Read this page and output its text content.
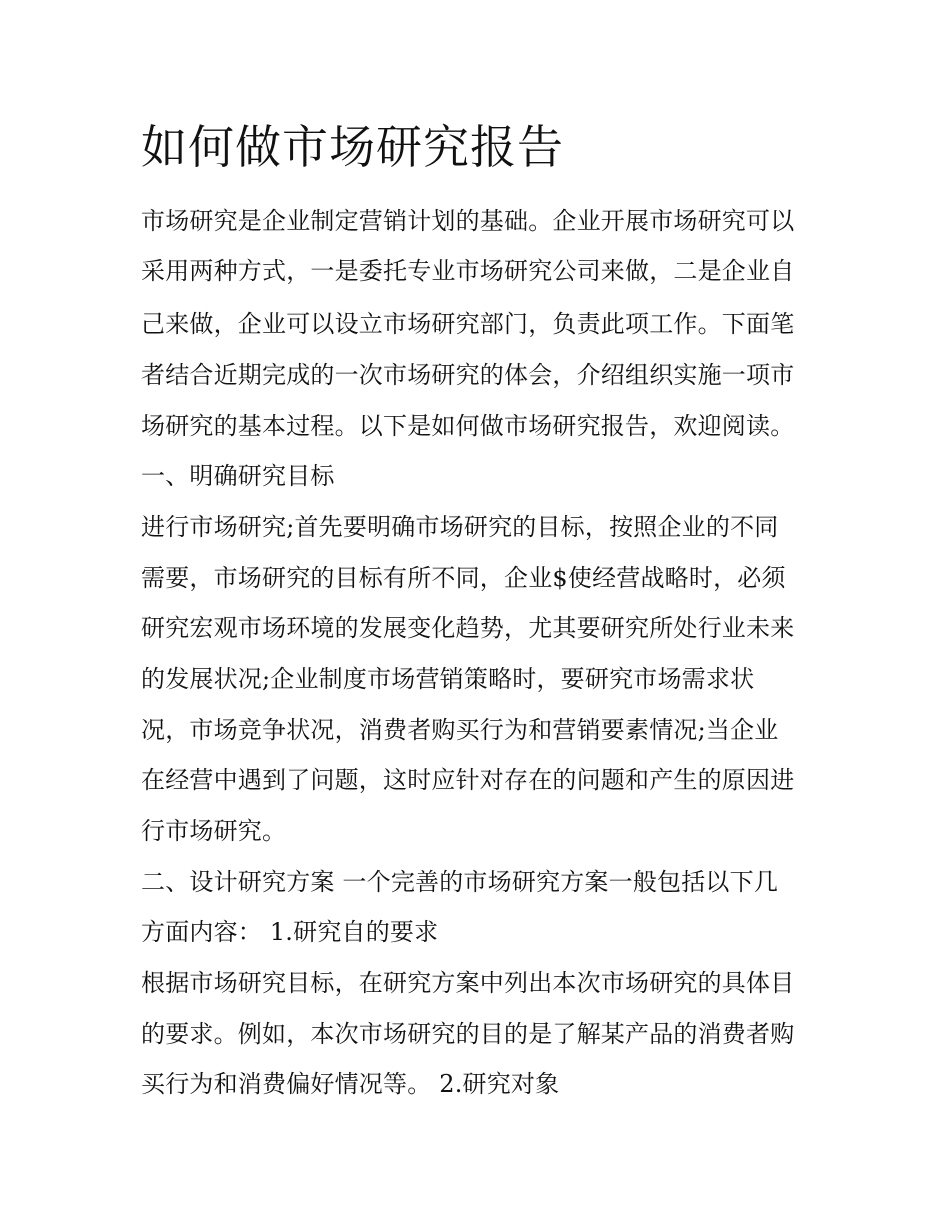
如何做市场研究报告
市场研究是企业制定营销计划的基础。企业开展市场研究可以
采用两种方式，一是委托专业市场研究公司来做，二是企业自
己来做，企业可以设立市场研究部门，负责此项工作。下面笔
者结合近期完成的一次市场研究的体会，介绍组织实施一项市
场研究的基本过程。以下是如何做市场研究报告，欢迎阅读。
一、明确研究目标
进行市场研究;首先要明确市场研究的目标，按照企业的不同
需要，市场研究的目标有所不同，企业$使经营战略时，必须
研究宏观市场环境的发展变化趋势，尤其要研究所处行业未来
的发展状况;企业制度市场营销策略时，要研究市场需求状
况，市场竞争状况，消费者购买行为和营销要素情况;当企业
在经营中遇到了问题，这时应针对存在的问题和产生的原因进
行市场研究。
二、设计研究方案 一个完善的市场研究方案一般包括以下几
方面内容： 1.研究自的要求
根据市场研究目标，在研究方案中列出本次市场研究的具体目
的要求。例如，本次市场研究的目的是了解某产品的消费者购
买行为和消费偏好情况等。 2.研究对象
